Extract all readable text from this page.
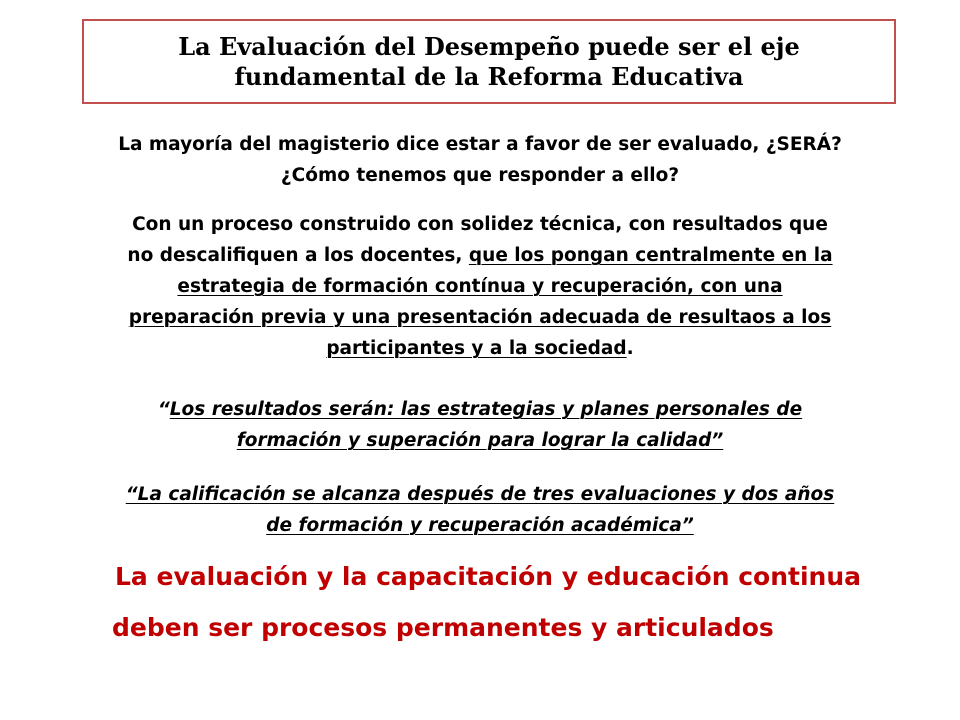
La Evaluación del Desempeño puede ser el eje
fundamental de la Reforma Educativa
La mayoría del magisterio dice estar a favor de ser evaluado, ¿SERÁ?
¿Cómo tenemos que responder a ello?
Con un proceso construido con solidez técnica, con resultados que
no descalifiquen a los docentes, que los pongan centralmente en la
estrategia de formación contínua y recuperación, con una
preparación previa y una presentación adecuada de resultaos a los
participantes y a la sociedad.
“Los resultados serán: las estrategias y planes personales de
formación y superación para lograr la calidad”
“La calificación se alcanza después de tres evaluaciones y dos años
de formación y recuperación académica”
La evaluación y la capacitación y educación continua
deben ser procesos permanentes y articulados
